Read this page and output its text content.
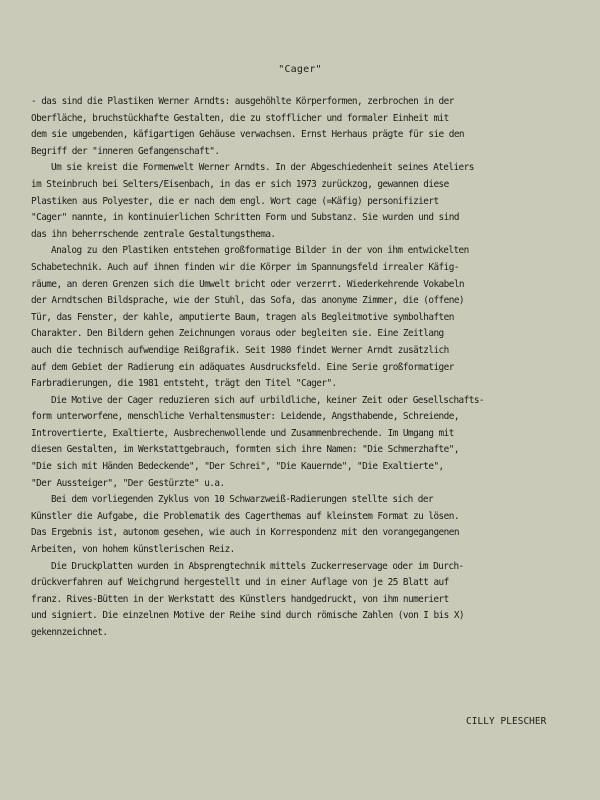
"Cager"

- das sind die Plastiken Werner Arndts: ausgehöhlte Körperformen, zerbrochen in der
Oberfläche, bruchstückhafte Gestalten, die zu stofflicher und formaler Einheit mit
dem sie umgebenden, käfigartigen Gehäuse verwachsen. Ernst Herhaus prägte für sie den
Begriff der "inneren Gefangenschaft".

Um sie kreist die Formenwelt Werner Arndts. In der Abgeschiedenheit seines Ateliers
im Steinbruch bei Selters/Eisenbach, in das er sich 1973 zurückzog, gewannen diese
Plastiken aus Polyester, die er nach dem engl. Wort cage (=Käfig) personifiziert
"Cager" nannte, in kontinuierlichen Schritten Form und Substanz. Sie wurden und sind
das ihn beherrschende zentrale Gestaltungsthema.

Analog zu den Plastiken entstehen großformatige Bilder in der von ihm entwickelten
Schabetechnik. Auch auf ihnen finden wir die Körper im Spannungsfeld irrealer Käfig-
räume, an deren Grenzen sich die Umwelt bricht oder verzerrt. Wiederkehrende Vokabeln
der Arndtschen Bildsprache, wie der Stuhl, das Sofa, das anonyme Zimmer, die (offene)
Tür, das Fenster, der kahle, amputierte Baum, tragen als Begleitmotive symbolhaften
Charakter. Den Bildern gehen Zeichnungen voraus oder begleiten sie. Eine Zeitlang
auch die technisch aufwendige Reißgrafik. Seit 1980 findet Werner Arndt zusätzlich
auf dem Gebiet der Radierung ein adäquates Ausdrucksfeld. Eine Serie großformatiger
Farbradierungen, die 1981 entsteht, trägt den Titel "Cager".

Die Motive der Cager reduzieren sich auf urbildliche, keiner Zeit oder Gesellschafts-
form unterworfene, menschliche Verhaltensmuster: Leidende, Angsthabende, Schreiende,
Introvertierte, Exaltierte, Ausbrechenwollende und Zusammenbrechende. Im Umgang mit
diesen Gestalten, im Werkstattgebrauch, formten sich ihre Namen: "Die Schmerzhafte",
"Die sich mit Händen Bedeckende", "Der Schrei", "Die Kauernde", "Die Exaltierte",
"Der Aussteiger", "Der Gestürzte" u.a.

Bei dem vorliegenden Zyklus von 10 Schwarzweiß-Radierungen stellte sich der
Künstler die Aufgabe, die Problematik des Cagerthemas auf kleinstem Format zu lösen.
Das Ergebnis ist, autonom gesehen, wie auch in Korrespondenz mit den vorangegangenen
Arbeiten, von hohem künstlerischen Reiz.

Die Druckplatten wurden in Absprengtechnik mittels Zuckerreservage oder im Durch-
drückverfahren auf Weichgrund hergestellt und in einer Auflage von je 25 Blatt auf
franz. Rives-Bütten in der Werkstatt des Künstlers handgedruckt, von ihm numeriert
und signiert. Die einzelnen Motive der Reihe sind durch römische Zahlen (von I bis X)
gekennzeichnet.

CILLY PLESCHER
